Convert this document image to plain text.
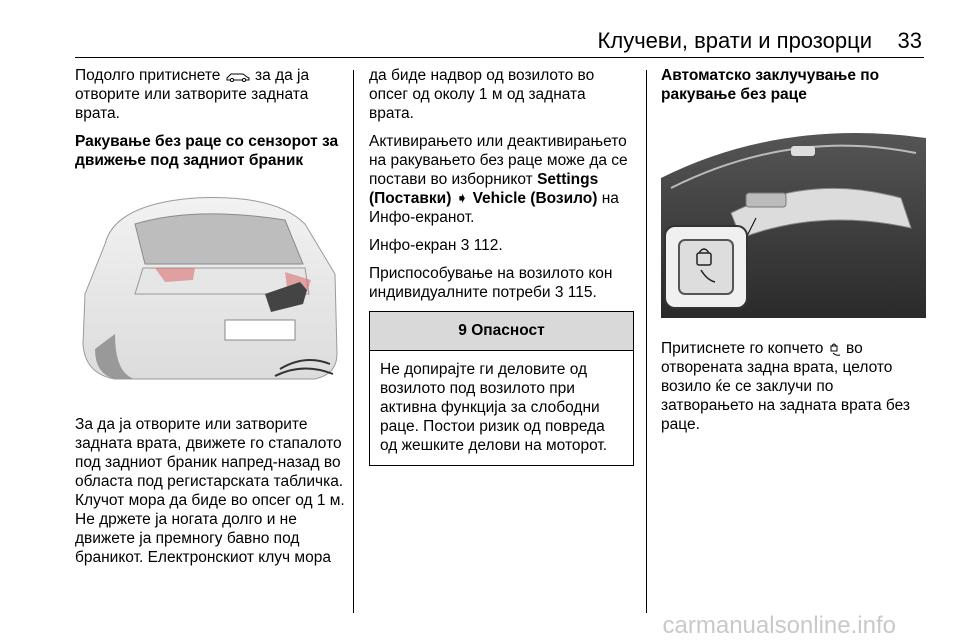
Клучеви, врати и прозорци 33

Подолго притиснете за да ја отворите или затворите задната врата.

Ракување без раце со сензорот за движење под задниот браник

За да ја отворите или затворите задната врата, движете го стапалото под задниот браник напред-назад во областа под регистарската табличка. Клучот мора да биде во опсег од 1 м. Не држете ја ногата долго и не движете ја премногу бавно под браникот. Електронскиот клуч мора

да биде надвор од возилото во опсег од околу 1 м од задната врата.

Активирањето или деактивирањето на ракувањето без раце може да се постави во изборникот Settings (Поставки) ➧ Vehicle (Возило) на Инфо-екранот.

Инфо-екран 3 112.

Приспособување на возилото кон индивидуалните потреби 3 115.

9 Опасност
Не допирајте ги деловите од возилото под возилото при активна функција за слободни раце. Постои ризик од повреда од жешките делови на моторот.
Автоматско заклучување по ракување без раце

Притиснете го копчето во отворената задна врата, целото возило ќе се заклучи по затворањето на задната врата без раце.

carmanualsonline.info
